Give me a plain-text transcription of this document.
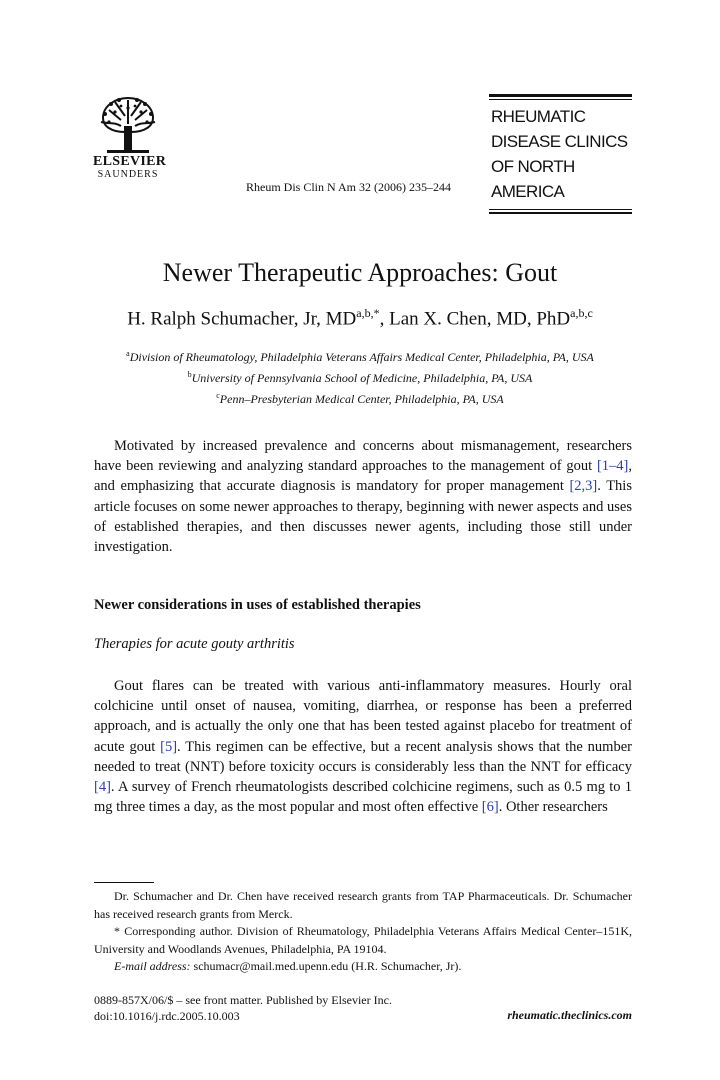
ELSEVIER
SAUNDERS
RHEUMATIC
DISEASE CLINICS
OF NORTH AMERICA
Rheum Dis Clin N Am 32 (2006) 235–244
Newer Therapeutic Approaches: Gout
H. Ralph Schumacher, Jr, $MD^{a,b,*}$, Lan X. Chen, MD, PhD$^{a,b,c}$
$^a$Division of Rheumatology, Philadelphia Veterans Affairs Medical Center, Philadelphia, PA, USA
$^b$University of Pennsylvania School of Medicine, Philadelphia, PA, USA
$^c$Penn–Presbyterian Medical Center, Philadelphia, PA, USA
Motivated by increased prevalence and concerns about mismanagement, researchers have been reviewing and analyzing standard approaches to the management of gout [1–4], and emphasizing that accurate diagnosis is mandatory for proper management [2,3]. This article focuses on some newer approaches to therapy, beginning with newer aspects and uses of established therapies, and then discusses newer agents, including those still under investigation.
Newer considerations in uses of established therapies
Therapies for acute gouty arthritis
Gout flares can be treated with various anti-inflammatory measures. Hourly oral colchicine until onset of nausea, vomiting, diarrhea, or response has been a preferred approach, and is actually the only one that has been tested against placebo for treatment of acute gout [5]. This regimen can be effective, but a recent analysis shows that the number needed to treat (NNT) before toxicity occurs is considerably less than the NNT for efficacy [4]. A survey of French rheumatologists described colchicine regimens, such as 0.5 mg to 1 mg three times a day, as the most popular and most often effective [6]. Other researchers

Dr. Schumacher and Dr. Chen have received research grants from TAP Pharmaceuticals. Dr. Schumacher has received research grants from Merck.

* Corresponding author. Division of Rheumatology, Philadelphia Veterans Affairs Medical Center–151K, University and Woodlands Avenues, Philadelphia, PA 19104.

E-mail address: schumacr@mail.med.upenn.edu (H.R. Schumacher, Jr).

0889-857X/06/$ – see front matter. Published by Elsevier Inc.
doi:10.1016/j.rdc.2005.10.003	rheumatic.theclinics.com
